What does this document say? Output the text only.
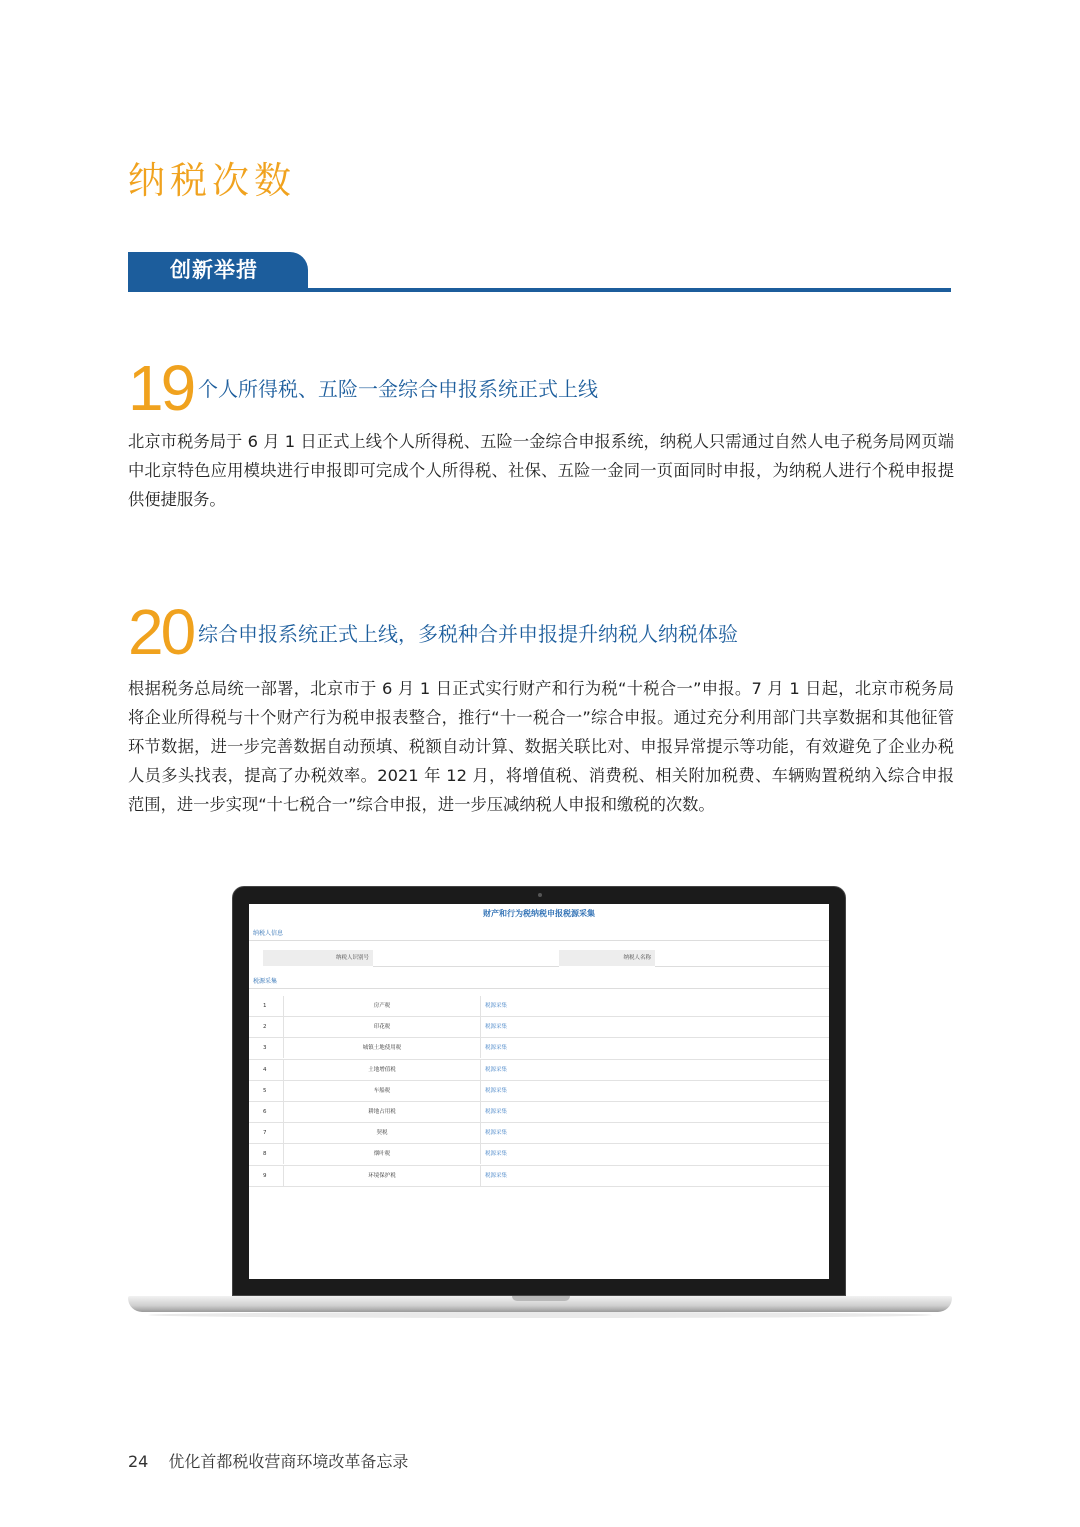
纳税次数
创新举措
19 个人所得税、五险一金综合申报系统正式上线
北京市税务局于 6 月 1 日正式上线个人所得税、五险一金综合申报系统，纳税人只需通过自然人电子税务局网页端中北京特色应用模块进行申报即可完成个人所得税、社保、五险一金同一页面同时申报，为纳税人进行个税申报提供便捷服务。
20 综合申报系统正式上线，多税种合并申报提升纳税人纳税体验
根据税务总局统一部署，北京市于 6 月 1 日正式实行财产和行为税“十税合一”申报。7 月 1 日起，北京市税务局将企业所得税与十个财产行为税申报表整合，推行“十一税合一”综合申报。通过充分利用部门共享数据和其他征管环节数据，进一步完善数据自动预填、税额自动计算、数据关联比对、申报异常提示等功能，有效避免了企业办税人员多头找表，提高了办税效率。2021 年 12 月，将增值税、消费税、相关附加税费、车辆购置税纳入综合申报范围，进一步实现“十七税合一”综合申报，进一步压减纳税人申报和缴税的次数。
财产和行为税纳税申报税源采集
纳税人信息
纳税人识别号	纳税人名称
税源采集
1	房产税	税源采集
2	印花税	税源采集
3	城镇土地使用税	税源采集
4	土地增值税	税源采集
5	车船税	税源采集
6	耕地占用税	税源采集
7	契税	税源采集
8	烟叶税	税源采集
9	环境保护税	税源采集
24 优化首都税收营商环境改革备忘录
